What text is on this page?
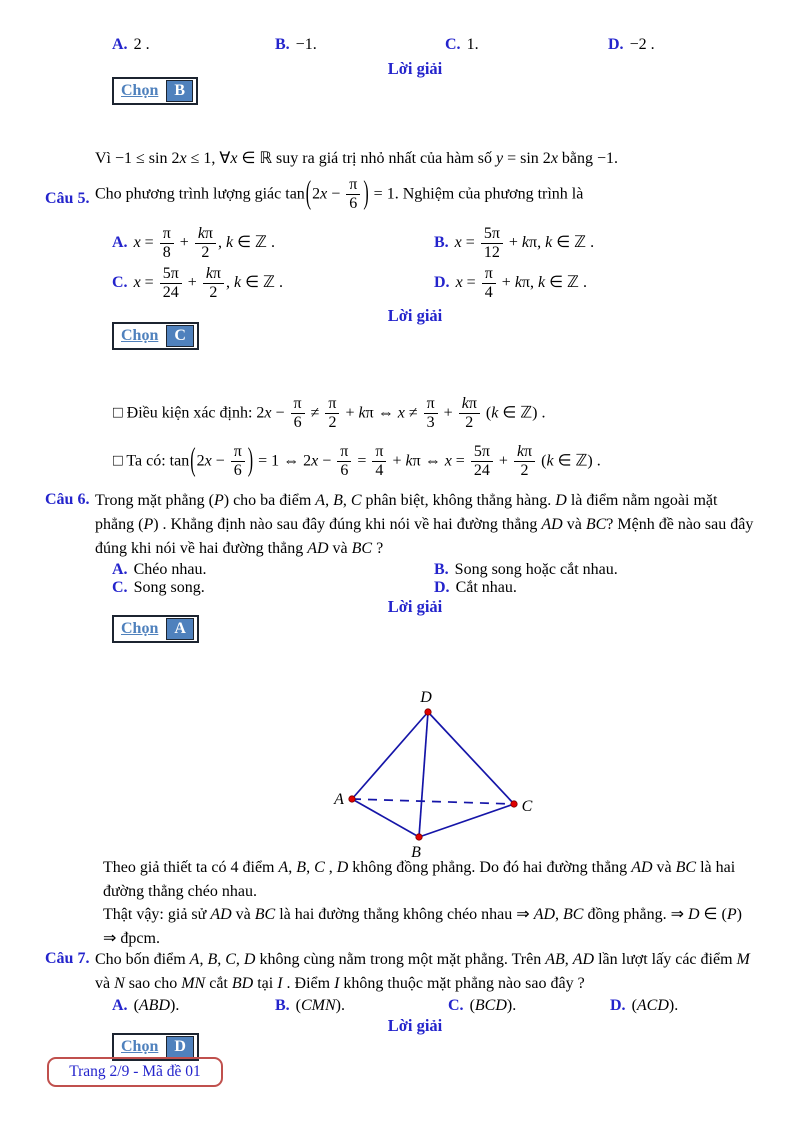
A. 2 .	B. −1.	C. 1.	D. −2 .
Lời giải
Chọn	B
Vì −1 ≤ sin 2x ≤ 1, ∀x ∈ ℝ suy ra giá trị nhỏ nhất của hàm số y = sin 2x bằng −1.
Câu 5. Cho phương trình lượng giác $\tan(2x - \frac{\pi}{6}$ ) = 1. Nghiệm của phương trình là
A. $x = \frac{\pi}{8} + \frac{k\pi}{2}$ , k ∈ ℤ .	B. $x = \frac{5\pi}{12} + k\pi$, k ∈ ℤ .
C. $x = \frac{5\pi}{24} + \frac{k\pi}{2}$ , k ∈ ℤ .	D. $x = \frac{\pi}{4} + k\pi$, k ∈ ℤ .
Lời giải
Chọn	C
□ Điều kiện xác định: $2x - \frac{\pi}{6} \ne \frac{\pi}{2} + k\pi$ ⇔ $x \ne \frac{\pi}{3} + \frac{k\pi}{2} (k$ ∈ ℤ) .
□ Ta có: $\tan(2x - \frac{\pi}{6}$ ) = 1 ⇔ $2x - \frac{\pi}{6} = \frac{\pi}{4} + k\pi$ ⇔ $x = \frac{5\pi}{24} + \frac{k\pi}{2} (k$ ∈ ℤ) .
Câu 6. Trong mặt phẳng (P) cho ba điểm A, B, C phân biệt, không thẳng hàng. D là điểm nằm ngoài mặt phẳng (P) . Khẳng định nào sau đây đúng khi nói về hai đường thẳng AD và BC? Mệnh đề nào sau đây đúng khi nói về hai đường thẳng AD và BC ?
A. Chéo nhau.	B. Song song hoặc cắt nhau.
C. Song song.	D. Cắt nhau.
Lời giải
Chọn	A
D
A
B
C
Theo giả thiết ta có 4 điểm A, B, C , D không đồng phẳng. Do đó hai đường thẳng AD và BC là hai đường thẳng chéo nhau.
Thật vậy: giả sử AD và BC là hai đường thẳng không chéo nhau ⇒ AD, BC đồng phẳng. ⇒ D ∈ (P)
⇒ đpcm.
Câu 7. Cho bốn điểm A, B, C, D không cùng nằm trong một mặt phẳng. Trên AB, AD lần lượt lấy các điểm M và N sao cho MN cắt BD tại I . Điểm I không thuộc mặt phẳng nào sao đây ?
A. (ABD).	B. (CMN).	C. (BCD).	D. (ACD).
Lời giải
Chọn	D
Trang 2/9 - Mã đề 01
